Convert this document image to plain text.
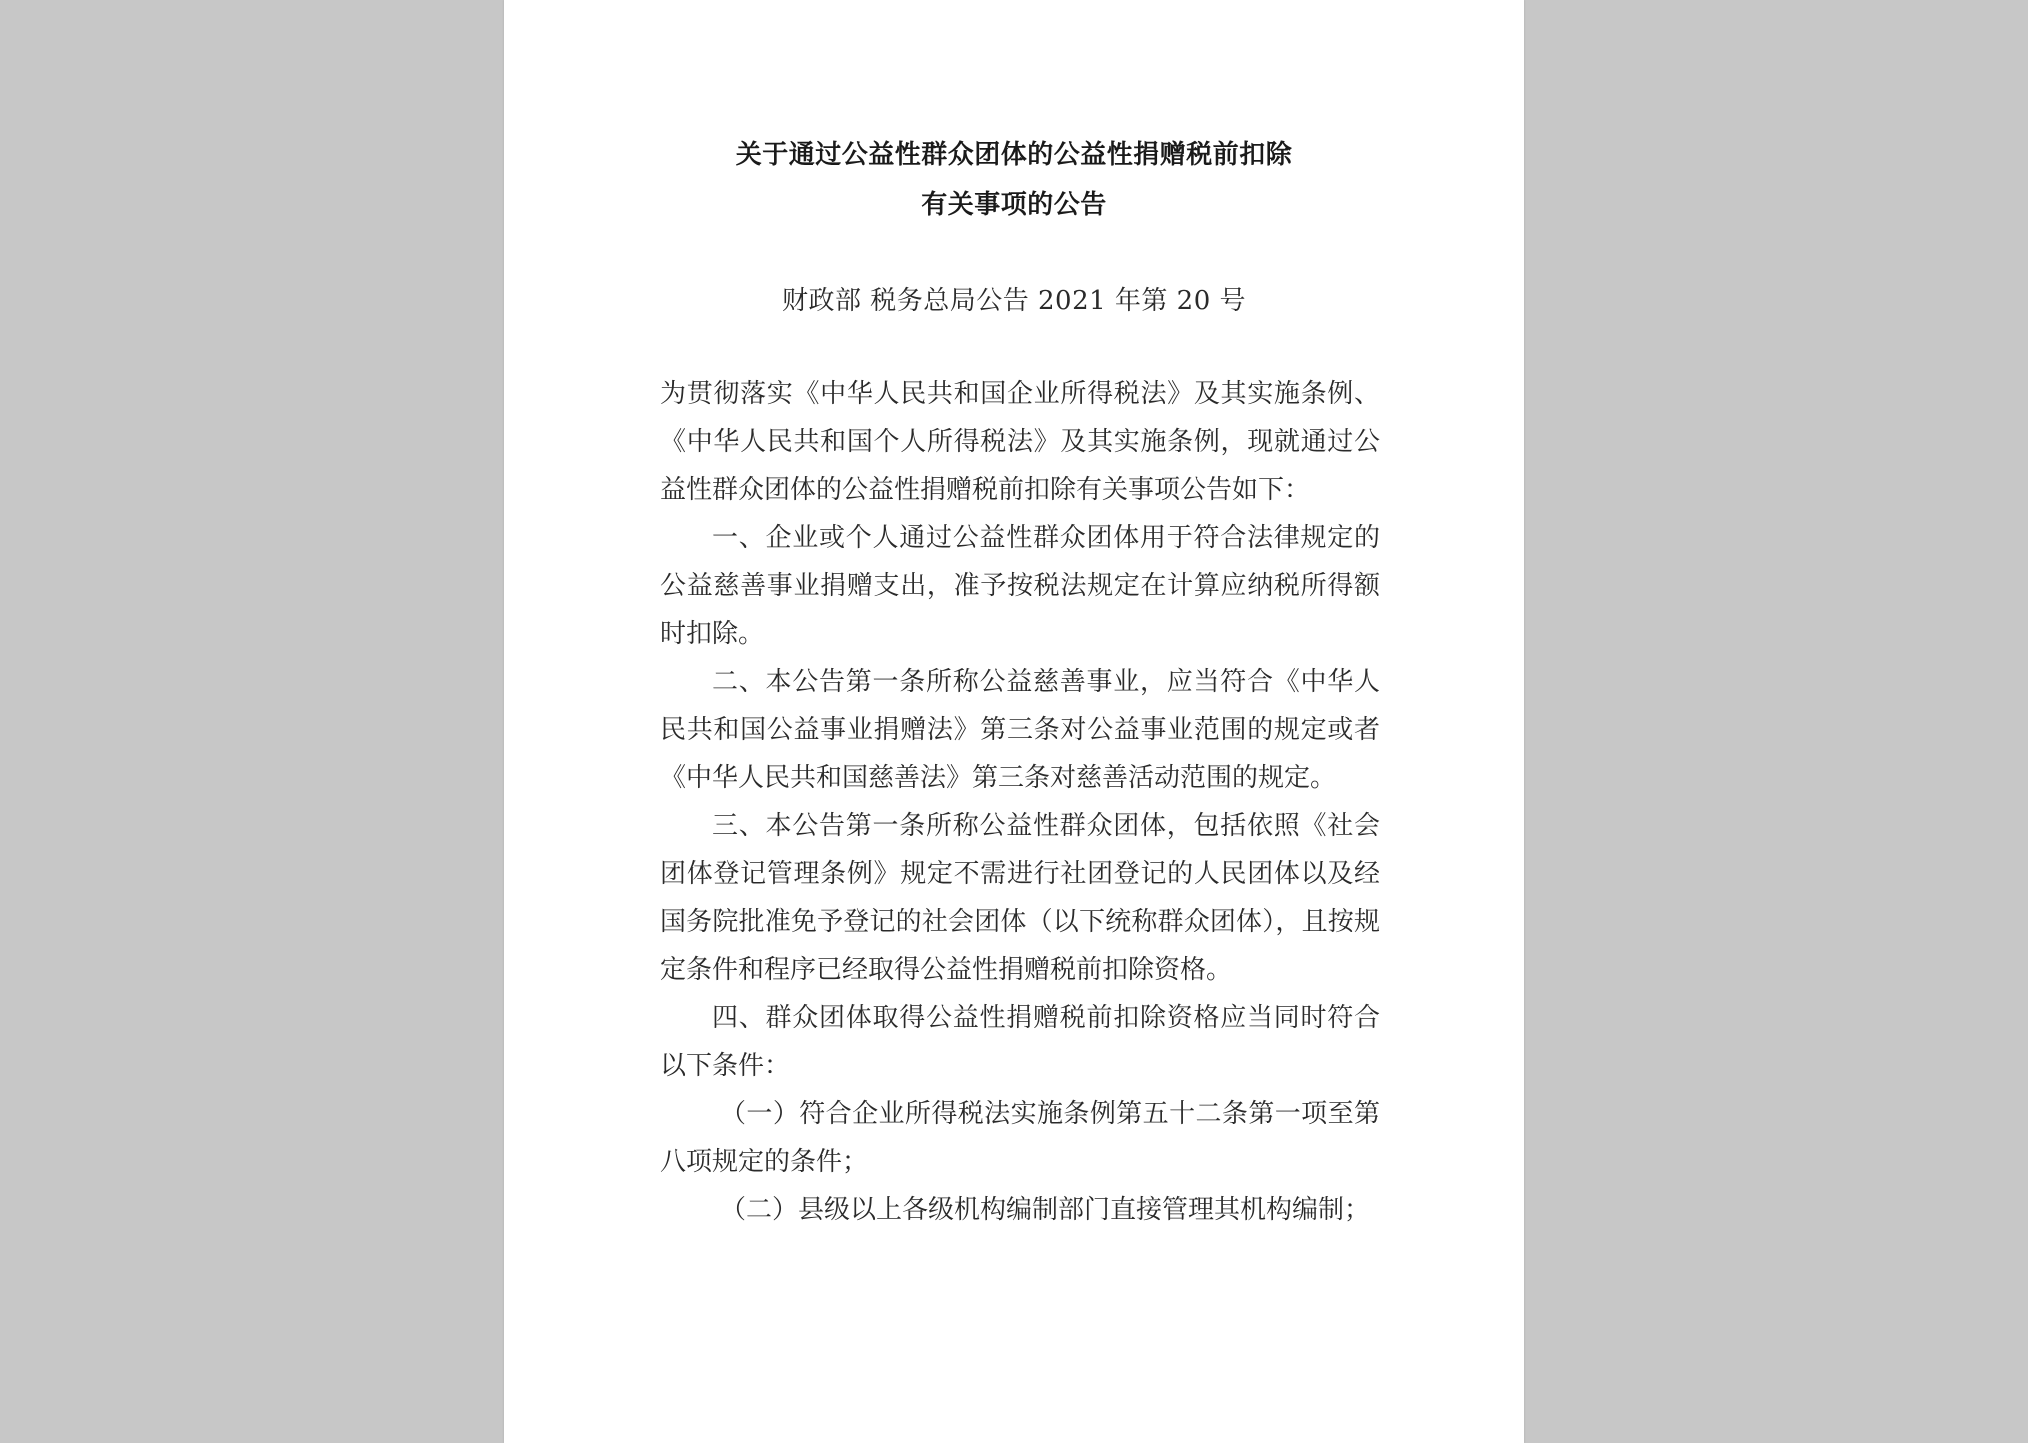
关于通过公益性群众团体的公益性捐赠税前扣除
有关事项的公告
财政部 税务总局公告 2021 年第 20 号

为贯彻落实《中华人民共和国企业所得税法》及其实施条例、《中华人民共和国个人所得税法》及其实施条例，现就通过公益性群众团体的公益性捐赠税前扣除有关事项公告如下：

一、企业或个人通过公益性群众团体用于符合法律规定的公益慈善事业捐赠支出，准予按税法规定在计算应纳税所得额时扣除。

二、本公告第一条所称公益慈善事业，应当符合《中华人民共和国公益事业捐赠法》第三条对公益事业范围的规定或者《中华人民共和国慈善法》第三条对慈善活动范围的规定。

三、本公告第一条所称公益性群众团体，包括依照《社会团体登记管理条例》规定不需进行社团登记的人民团体以及经国务院批准免予登记的社会团体（以下统称群众团体），且按规定条件和程序已经取得公益性捐赠税前扣除资格。

四、群众团体取得公益性捐赠税前扣除资格应当同时符合以下条件：

（一）符合企业所得税法实施条例第五十二条第一项至第八项规定的条件；

（二）县级以上各级机构编制部门直接管理其机构编制；
